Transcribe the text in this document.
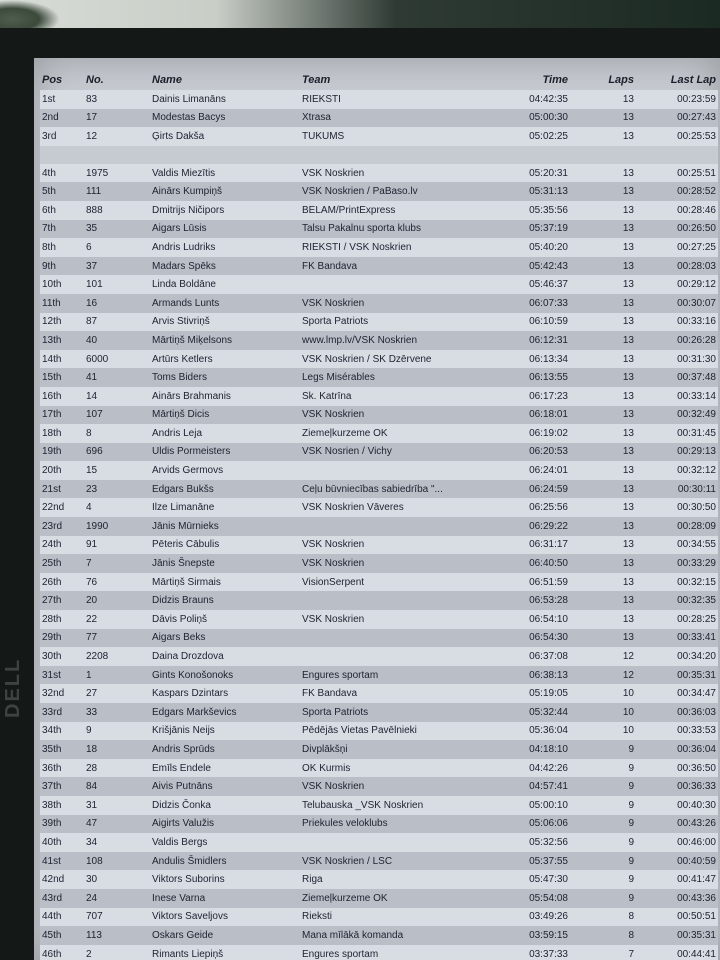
DELL
Pos	No.	Name	Team	Time	Laps	Last Lap
1st	83	Dainis Limanāns	RIEKSTI	04:42:35	13	00:23:59
2nd	17	Modestas Bacys	Xtrasa	05:00:30	13	00:27:43
3rd	12	Ģirts Dakša	TUKUMS	05:02:25	13	00:25:53

4th	1975	Valdis Miezītis	VSK Noskrien	05:20:31	13	00:25:51
5th	111	Ainārs Kumpiņš	VSK Noskrien / PaBaso.lv	05:31:13	13	00:28:52
6th	888	Dmitrijs Ničipors	BELAM/PrintExpress	05:35:56	13	00:28:46
7th	35	Aigars Lūsis	Talsu Pakalnu sporta klubs	05:37:19	13	00:26:50
8th	6	Andris Ludriks	RIEKSTI / VSK Noskrien	05:40:20	13	00:27:25
9th	37	Madars Spēks	FK Bandava	05:42:43	13	00:28:03
10th	101	Linda Boldāne		05:46:37	13	00:29:12
11th	16	Armands Lunts	VSK Noskrien	06:07:33	13	00:30:07
12th	87	Arvis Stivriņš	Sporta Patriots	06:10:59	13	00:33:16
13th	40	Mārtiņš Miķelsons	www.lmp.lv/VSK Noskrien	06:12:31	13	00:26:28
14th	6000	Artūrs Ketlers	VSK Noskrien / SK Dzērvene	06:13:34	13	00:31:30
15th	41	Toms Biders	Legs Misérables	06:13:55	13	00:37:48
16th	14	Ainārs Brahmanis	Sk. Katrīna	06:17:23	13	00:33:14
17th	107	Mārtiņš Dicis	VSK Noskrien	06:18:01	13	00:32:49
18th	8	Andris Leja	Ziemeļkurzeme OK	06:19:02	13	00:31:45
19th	696	Uldis Pormeisters	VSK Nosrien / Vichy	06:20:53	13	00:29:13
20th	15	Arvids Germovs		06:24:01	13	00:32:12
21st	23	Edgars Bukšs	Ceļu būvniecības sabiedrība "...	06:24:59	13	00:30:11
22nd	4	Ilze Limanāne	VSK Noskrien Vāveres	06:25:56	13	00:30:50
23rd	1990	Jānis Mūrnieks		06:29:22	13	00:28:09
24th	91	Pēteris Cābulis	VSK Noskrien	06:31:17	13	00:34:55
25th	7	Jānis Šnepste	VSK Noskrien	06:40:50	13	00:33:29
26th	76	Mārtiņš Sirmais	VisionSerpent	06:51:59	13	00:32:15
27th	20	Didzis Brauns		06:53:28	13	00:32:35
28th	22	Dāvis Poliņš	VSK Noskrien	06:54:10	13	00:28:25
29th	77	Aigars Beks		06:54:30	13	00:33:41
30th	2208	Daina Drozdova		06:37:08	12	00:34:20
31st	1	Gints Konošonoks	Engures sportam	06:38:13	12	00:35:31
32nd	27	Kaspars Dzintars	FK Bandava	05:19:05	10	00:34:47
33rd	33	Edgars Markševics	Sporta Patriots	05:32:44	10	00:36:03
34th	9	Krišjānis Neijs	Pēdējās Vietas Pavēlnieki	05:36:04	10	00:33:53
35th	18	Andris Sprūds	Divplākšņi	04:18:10	9	00:36:04
36th	28	Emīls Endele	OK Kurmis	04:42:26	9	00:36:50
37th	84	Aivis Putnāns	VSK Noskrien	04:57:41	9	00:36:33
38th	31	Didzis Čonka	Telubauska _VSK Noskrien	05:00:10	9	00:40:30
39th	47	Aigirts Valužis	Priekules veloklubs	05:06:06	9	00:43:26
40th	34	Valdis Bergs		05:32:56	9	00:46:00
41st	108	Andulis Šmidlers	VSK Noskrien / LSC	05:37:55	9	00:40:59
42nd	30	Viktors Suborins	Riga	05:47:30	9	00:41:47
43rd	24	Inese Varna	Ziemeļkurzeme OK	05:54:08	9	00:43:36
44th	707	Viktors Saveljovs	Rieksti	03:49:26	8	00:50:51
45th	113	Oskars Geide	Mana mīlākā komanda	03:59:15	8	00:35:31
46th	2	Rimants Liepiņš	Engures sportam	03:37:33	7	00:44:41
